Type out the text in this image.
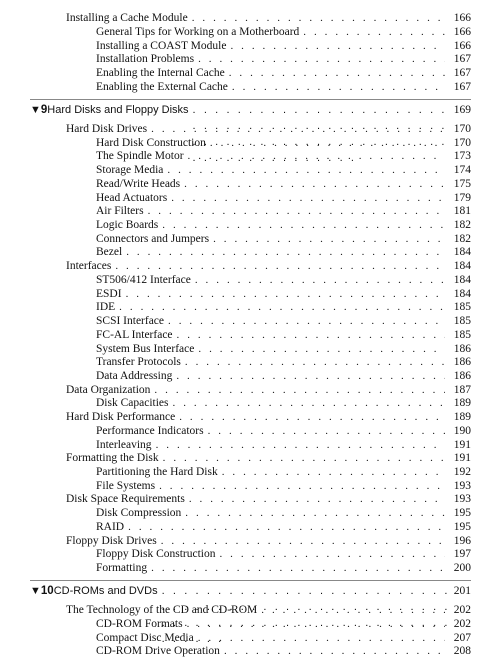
Installing a Cache Module . . .	166
General Tips for Working on a Motherboard . . .	166
Installing a COAST Module . . .	166
Installation Problems . . .	167
Enabling the Internal Cache . . .	167
Enabling the External Cache . . .	167
▼ 9 Hard Disks and Floppy Disks . . .	169
Hard Disk Drives . . .	170
Hard Disk Construction . . .	170
The Spindle Motor . . .	173
Storage Media . . .	174
Read/Write Heads . . .	175
Head Actuators . . .	179
Air Filters . . .	181
Logic Boards . . .	182
Connectors and Jumpers . . .	182
Bezel . . .	184
Interfaces . . .	184
ST506/412 Interface . . .	184
ESDI . . .	184
IDE . . .	185
SCSI Interface . . .	185
FC-AL Interface . . .	185
System Bus Interface . . .	186
Transfer Protocols . . .	186
Data Addressing . . .	186
Data Organization . . .	187
Disk Capacities . . .	189
Hard Disk Performance . . .	189
Performance Indicators . . .	190
Interleaving . . .	191
Formatting the Disk . . .	191
Partitioning the Hard Disk . . .	192
File Systems . . .	193
Disk Space Requirements . . .	193
Disk Compression . . .	195
RAID . . .	195
Floppy Disk Drives . . .	196
Floppy Disk Construction . . .	197
Formatting . . .	200
▼ 10 CD-ROMs and DVDs . . .	201
The Technology of the CD and CD-ROM . . .	202
CD-ROM Formats . . .	202
Compact Disc Media . . .	207
CD-ROM Drive Operation . . .	208
